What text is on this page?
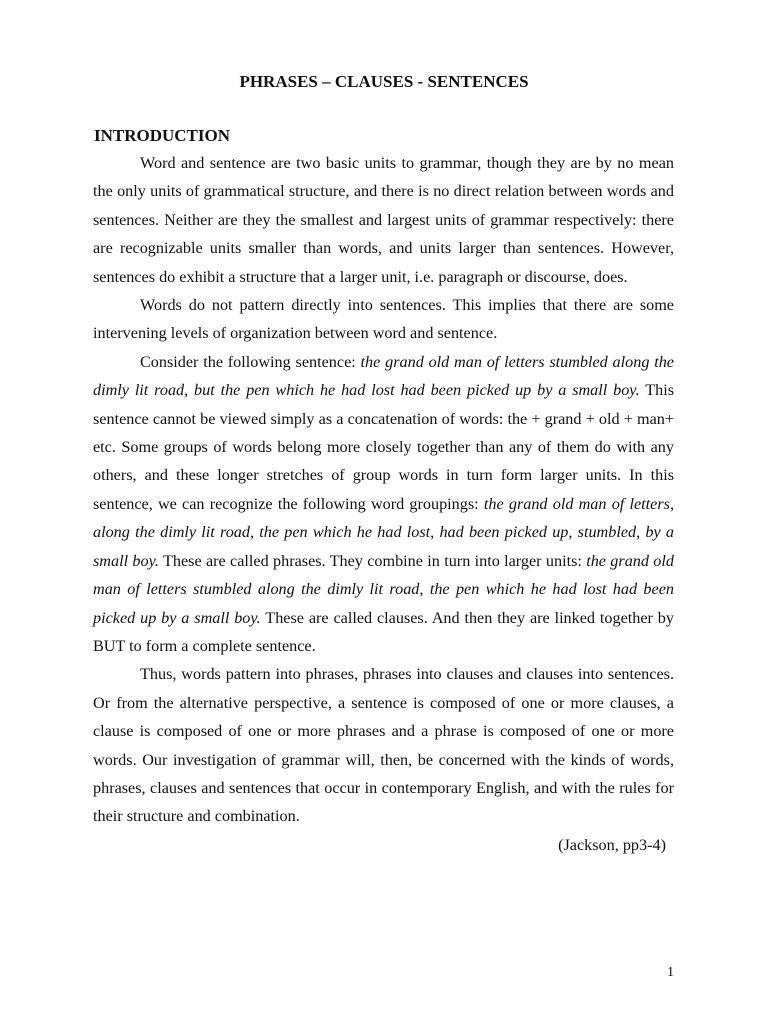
PHRASES – CLAUSES - SENTENCES
INTRODUCTION

Word and sentence are two basic units to grammar, though they are by no mean the only units of grammatical structure, and there is no direct relation between words and sentences. Neither are they the smallest and largest units of grammar respectively: there are recognizable units smaller than words, and units larger than sentences. However, sentences do exhibit a structure that a larger unit, i.e. paragraph or discourse, does.

Words do not pattern directly into sentences. This implies that there are some intervening levels of organization between word and sentence.

Consider the following sentence: the grand old man of letters stumbled along the dimly lit road, but the pen which he had lost had been picked up by a small boy. This sentence cannot be viewed simply as a concatenation of words: the + grand + old + man+ etc. Some groups of words belong more closely together than any of them do with any others, and these longer stretches of group words in turn form larger units. In this sentence, we can recognize the following word groupings: the grand old man of letters, along the dimly lit road, the pen which he had lost, had been picked up, stumbled, by a small boy. These are called phrases. They combine in turn into larger units: the grand old man of letters stumbled along the dimly lit road, the pen which he had lost had been picked up by a small boy. These are called clauses. And then they are linked together by BUT to form a complete sentence.

Thus, words pattern into phrases, phrases into clauses and clauses into sentences. Or from the alternative perspective, a sentence is composed of one or more clauses, a clause is composed of one or more phrases and a phrase is composed of one or more words. Our investigation of grammar will, then, be concerned with the kinds of words, phrases, clauses and sentences that occur in contemporary English, and with the rules for their structure and combination.

(Jackson, pp3-4)
1
